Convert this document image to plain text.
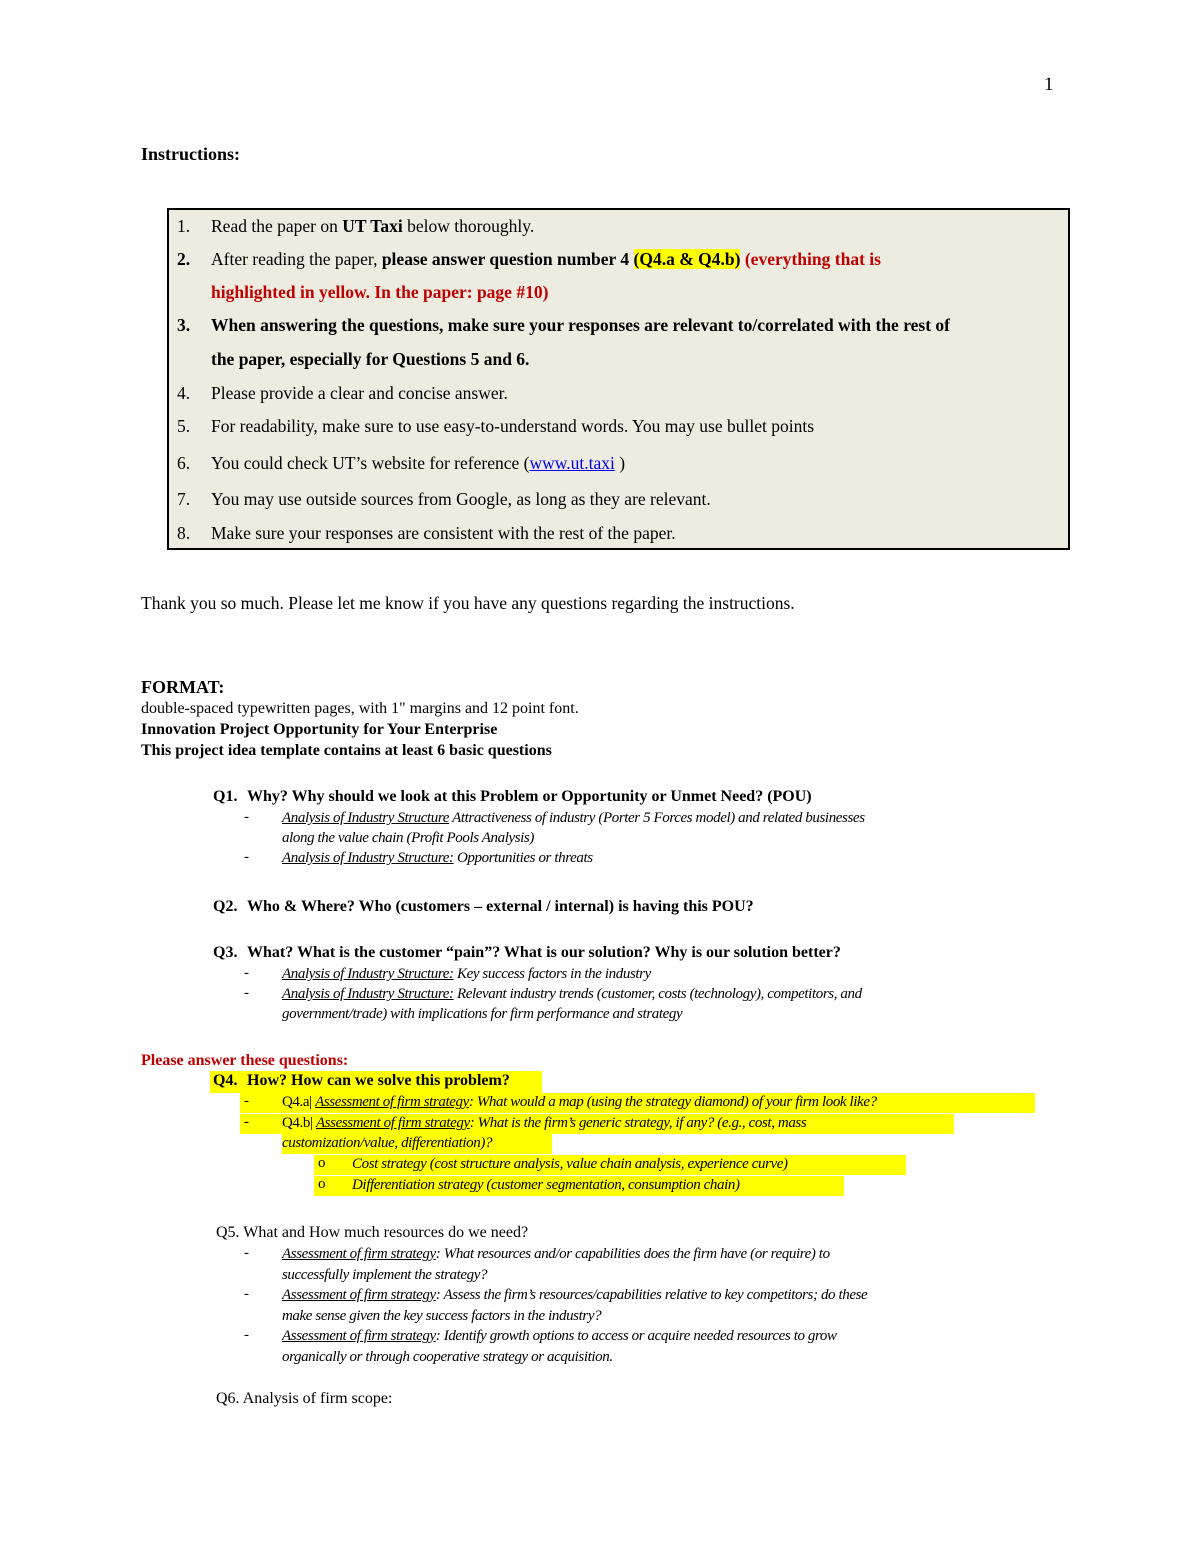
1
Instructions:
1. Read the paper on UT Taxi below thoroughly.
2. After reading the paper, please answer question number 4 (Q4.a & Q4.b) (everything that is
highlighted in yellow. In the paper: page #10)
3. When answering the questions, make sure your responses are relevant to/correlated with the rest of
the paper, especially for Questions 5 and 6.
4. Please provide a clear and concise answer.
5. For readability, make sure to use easy-to-understand words. You may use bullet points
6. You could check UT’s website for reference (www.ut.taxi )
7. You may use outside sources from Google, as long as they are relevant.
8. Make sure your responses are consistent with the rest of the paper.
Thank you so much. Please let me know if you have any questions regarding the instructions.
FORMAT:
double-spaced typewritten pages, with 1" margins and 12 point font.
Innovation Project Opportunity for Your Enterprise
This project idea template contains at least 6 basic questions
Q1. Why? Why should we look at this Problem or Opportunity or Unmet Need? (POU)
- Analysis of Industry Structure Attractiveness of industry (Porter 5 Forces model) and related businesses
along the value chain (Profit Pools Analysis)
- Analysis of Industry Structure: Opportunities or threats
Q2. Who & Where? Who (customers – external / internal) is having this POU?
Q3. What? What is the customer “pain”? What is our solution? Why is our solution better?
- Analysis of Industry Structure: Key success factors in the industry
- Analysis of Industry Structure: Relevant industry trends (customer, costs (technology), competitors, and
government/trade) with implications for firm performance and strategy
Please answer these questions:
Q4. How? How can we solve this problem?
- Q4.a| Assessment of firm strategy: What would a map (using the strategy diamond) of your firm look like?
- Q4.b| Assessment of firm strategy: What is the firm’s generic strategy, if any? (e.g., cost, mass
customization/value, differentiation)?
o Cost strategy (cost structure analysis, value chain analysis, experience curve)
o Differentiation strategy (customer segmentation, consumption chain)
Q5. What and How much resources do we need?
- Assessment of firm strategy: What resources and/or capabilities does the firm have (or require) to
successfully implement the strategy?
- Assessment of firm strategy: Assess the firm’s resources/capabilities relative to key competitors; do these
make sense given the key success factors in the industry?
- Assessment of firm strategy: Identify growth options to access or acquire needed resources to grow
organically or through cooperative strategy or acquisition.
Q6. Analysis of firm scope:
